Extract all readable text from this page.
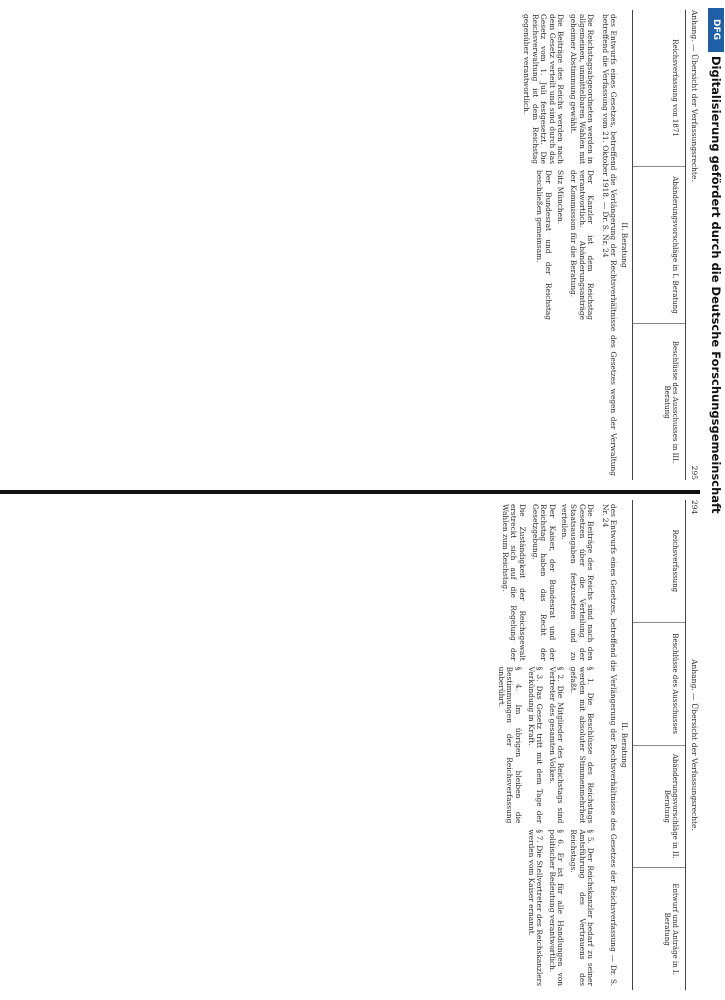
Anhang. — Übersicht der Verfassungsrechte.
295
Reichsverfassung von 1871
Abänderungsvorschläge in I. Beratung
Beschlüsse des Ausschusses in III. Beratung
II. Beratung
des Entwurfs eines Gesetzes, betreffend die Verlängerung der Rechtsverhältnisse des Gesetzes wegen der Verwaltung betreffend die Verfassung vom 21. Oktober 1918. — Dr. S. Nr. 24

Die Reichstagsabgeordneten werden in allgemeinen, unmittelbaren Wahlen mit geheimer Abstimmung gewählt.

Die Beiträge des Reichs werden nach dem Gesetz verteilt und sind durch das Gesetz vom 1. Juli festgesetzt. Die Reichsverwaltung ist dem Reichstag gegenüber verantwortlich.

Der Kanzler ist dem Reichstag verantwortlich. Abänderungsanträge der Kommission für die Beratung.

Sitz München.

Der Bundesrat und der Reichstag beschließen gemeinsam.

294
Anhang. — Übersicht der Verfassungsrechte.
Reichsverfassung
Beschlüsse des Ausschusses
Abänderungsvorschläge in II. Beratung
Entwurf und Anträge in I. Beratung
II. Beratung
des Entwurfs eines Gesetzes, betreffend die Verlängerung der Rechtsverhältnisse des Gesetzes der Reichsverfassung — Dr. S. Nr. 24

Die Beiträge des Reichs sind nach den Gesetzen über die Verteilung der Staatsausgaben festzusetzen und zu verteilen.

Der Kaiser, der Bundesrat und der Reichstag haben das Recht der Gesetzgebung.

Die Zuständigkeit der Reichsgewalt erstreckt sich auf die Regelung der Wahlen zum Reichstag.

§ 1. Die Beschlüsse des Reichstags werden mit absoluter Stimmenmehrheit gefaßt.

§ 2. Die Mitglieder des Reichstags sind Vertreter des gesamten Volkes.

§ 3. Das Gesetz tritt mit dem Tage der Verkündung in Kraft.

§ 4. Im übrigen bleiben die Bestimmungen der Reichsverfassung unberührt.

§ 5. Der Reichskanzler bedarf zu seiner Amtsführung des Vertrauens des Reichstags.

§ 6. Er ist für alle Handlungen von politischer Bedeutung verantwortlich.

§ 7. Die Stellvertreter des Reichskanzlers werden vom Kaiser ernannt.

DFG
Digitalisierung gefördert durch die Deutsche Forschungsgemeinschaft
